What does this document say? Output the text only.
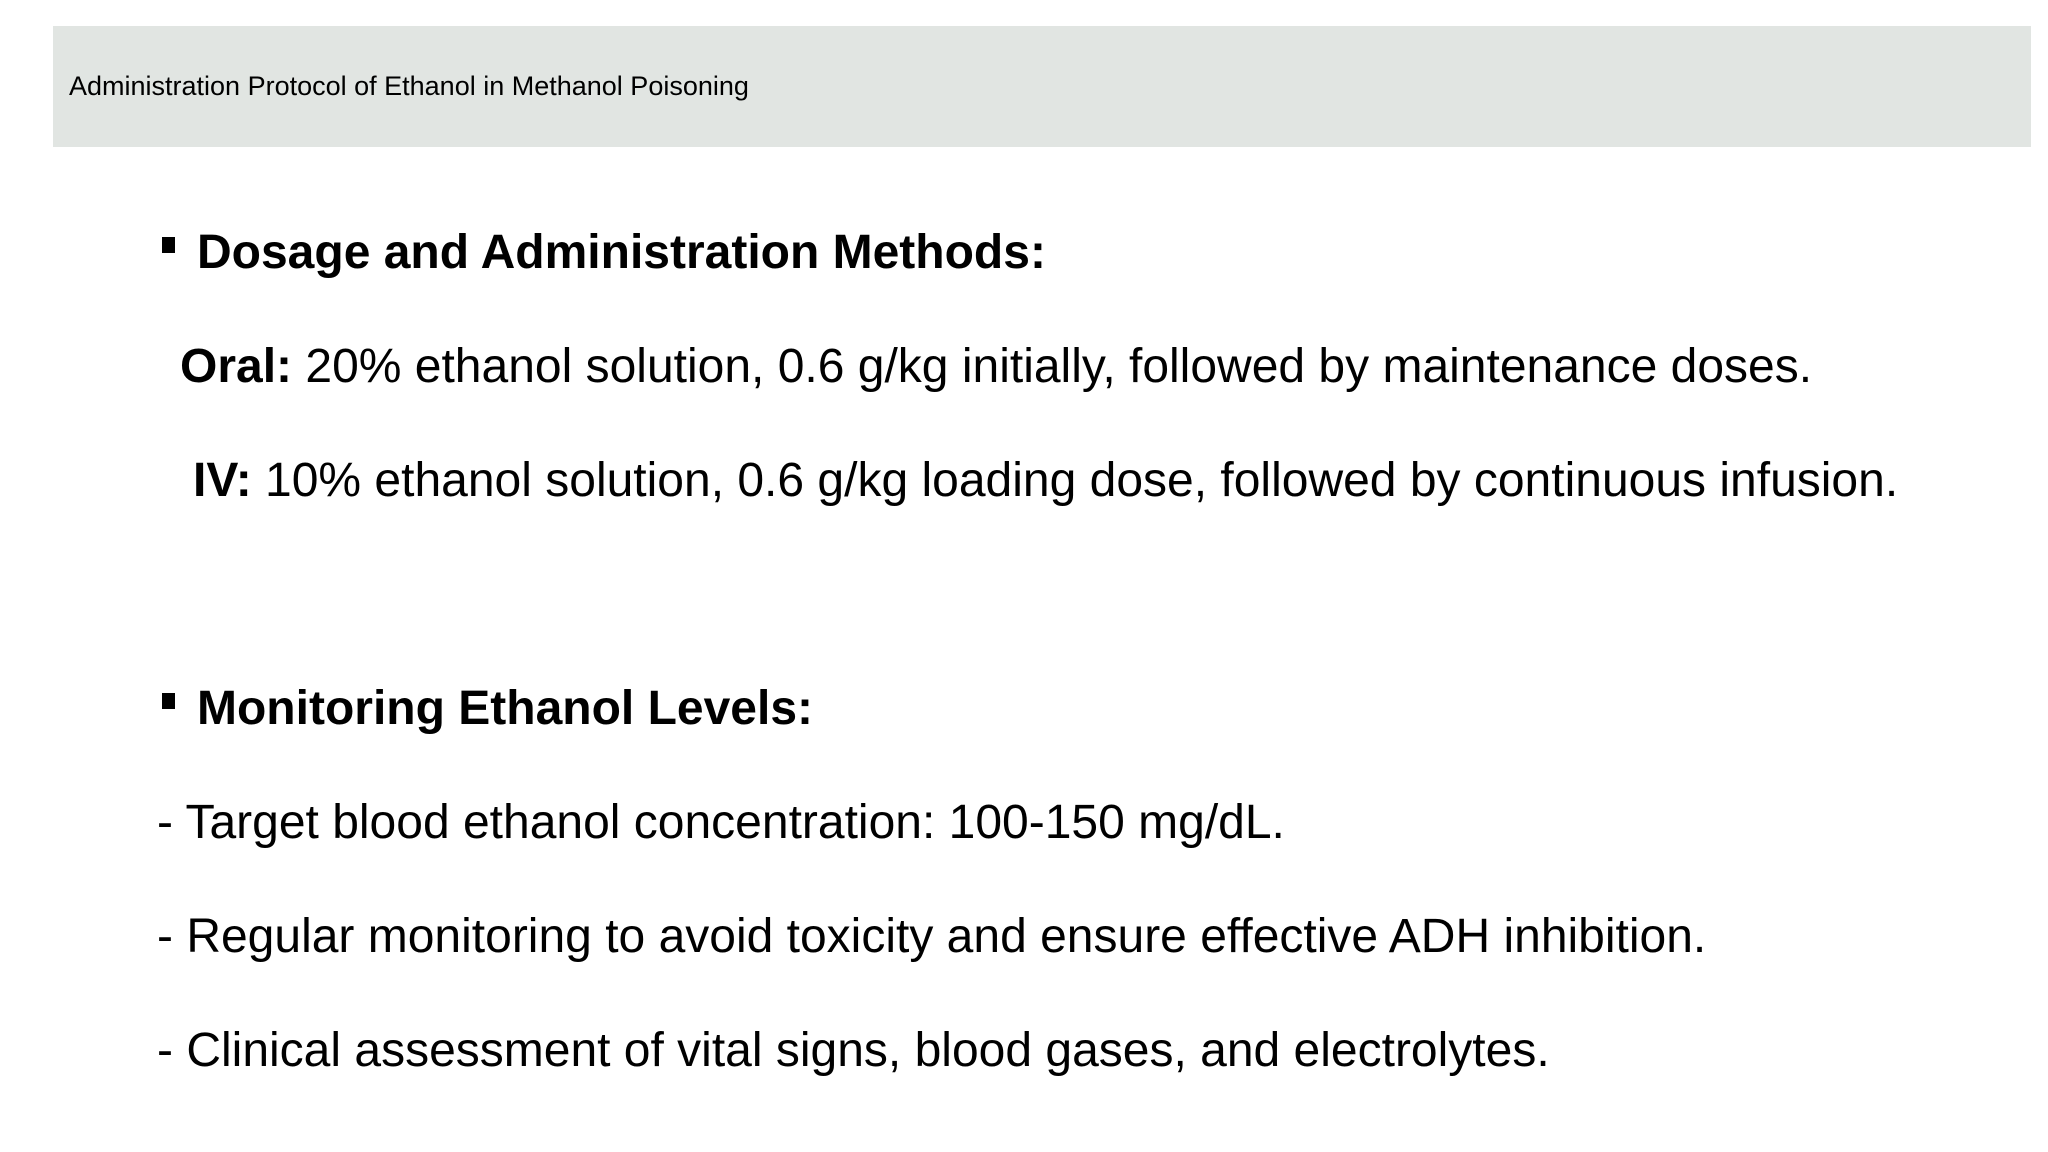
Administration Protocol of Ethanol in Methanol Poisoning
Dosage and Administration Methods:
Oral: 20% ethanol solution, 0.6 g/kg initially, followed by maintenance doses.
IV: 10% ethanol solution, 0.6 g/kg loading dose, followed by continuous infusion.
Monitoring Ethanol Levels:
- Target blood ethanol concentration: 100-150 mg/dL.
- Regular monitoring to avoid toxicity and ensure effective ADH inhibition.
- Clinical assessment of vital signs, blood gases, and electrolytes.
